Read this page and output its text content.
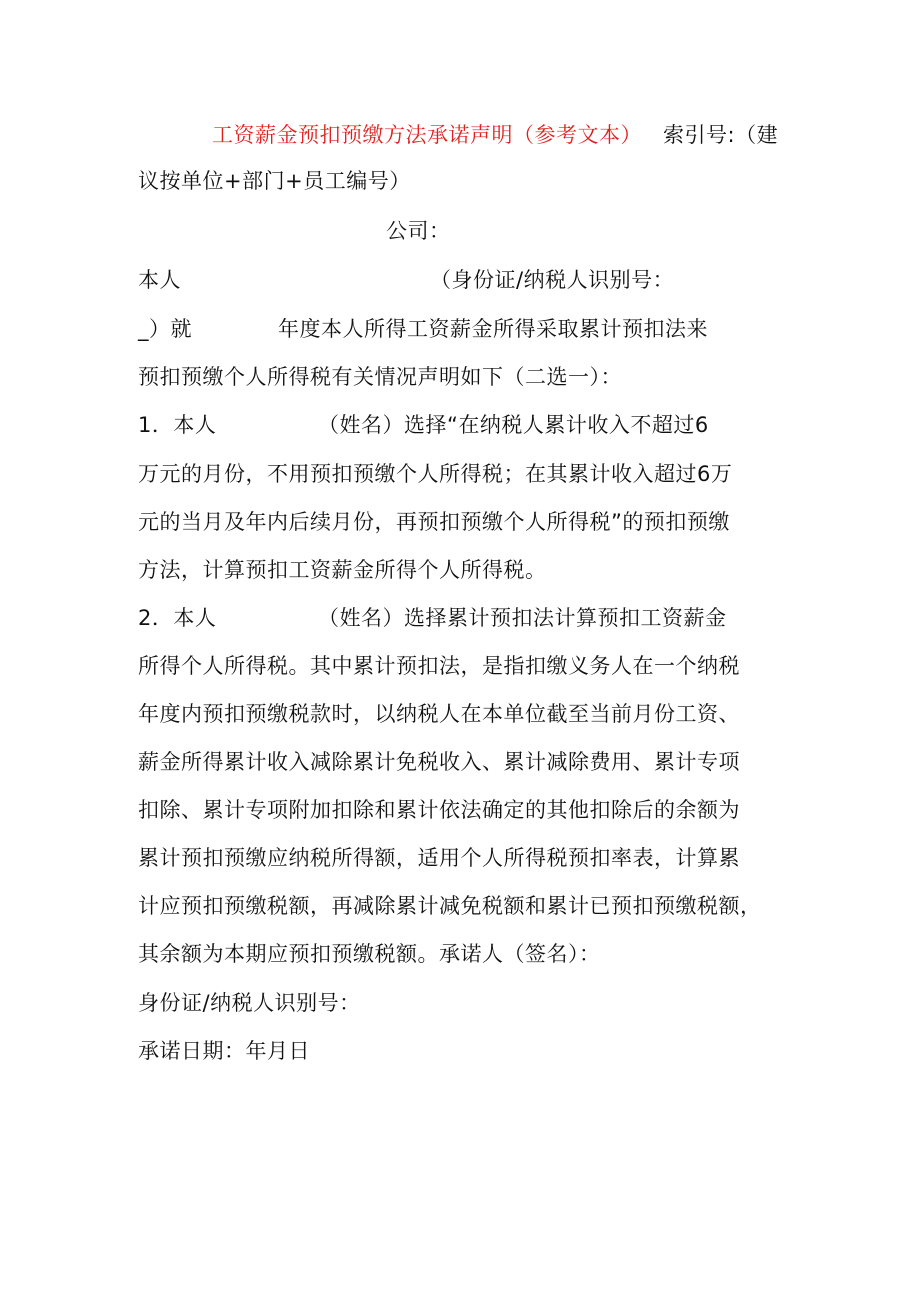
工资薪金预扣预缴方法承诺声明（参考文本） 索引号:（建
议按单位+部门+员工编号）
公司：
本人	（身份证/纳税人识别号：
_）就	年度本人所得工资薪金所得采取累计预扣法来
预扣预缴个人所得税有关情况声明如下（二选一）：
1．本人	（姓名）选择“在纳税人累计收入不超过6
万元的月份，不用预扣预缴个人所得税；在其累计收入超过6万
元的当月及年内后续月份，再预扣预缴个人所得税”的预扣预缴
方法，计算预扣工资薪金所得个人所得税。
2．本人	（姓名）选择累计预扣法计算预扣工资薪金
所得个人所得税。其中累计预扣法，是指扣缴义务人在一个纳税
年度内预扣预缴税款时，以纳税人在本单位截至当前月份工资、
薪金所得累计收入减除累计免税收入、累计减除费用、累计专项
扣除、累计专项附加扣除和累计依法确定的其他扣除后的余额为
累计预扣预缴应纳税所得额，适用个人所得税预扣率表，计算累
计应预扣预缴税额，再减除累计减免税额和累计已预扣预缴税额，
其余额为本期应预扣预缴税额。承诺人（签名）：
身份证/纳税人识别号：
承诺日期：年月日
